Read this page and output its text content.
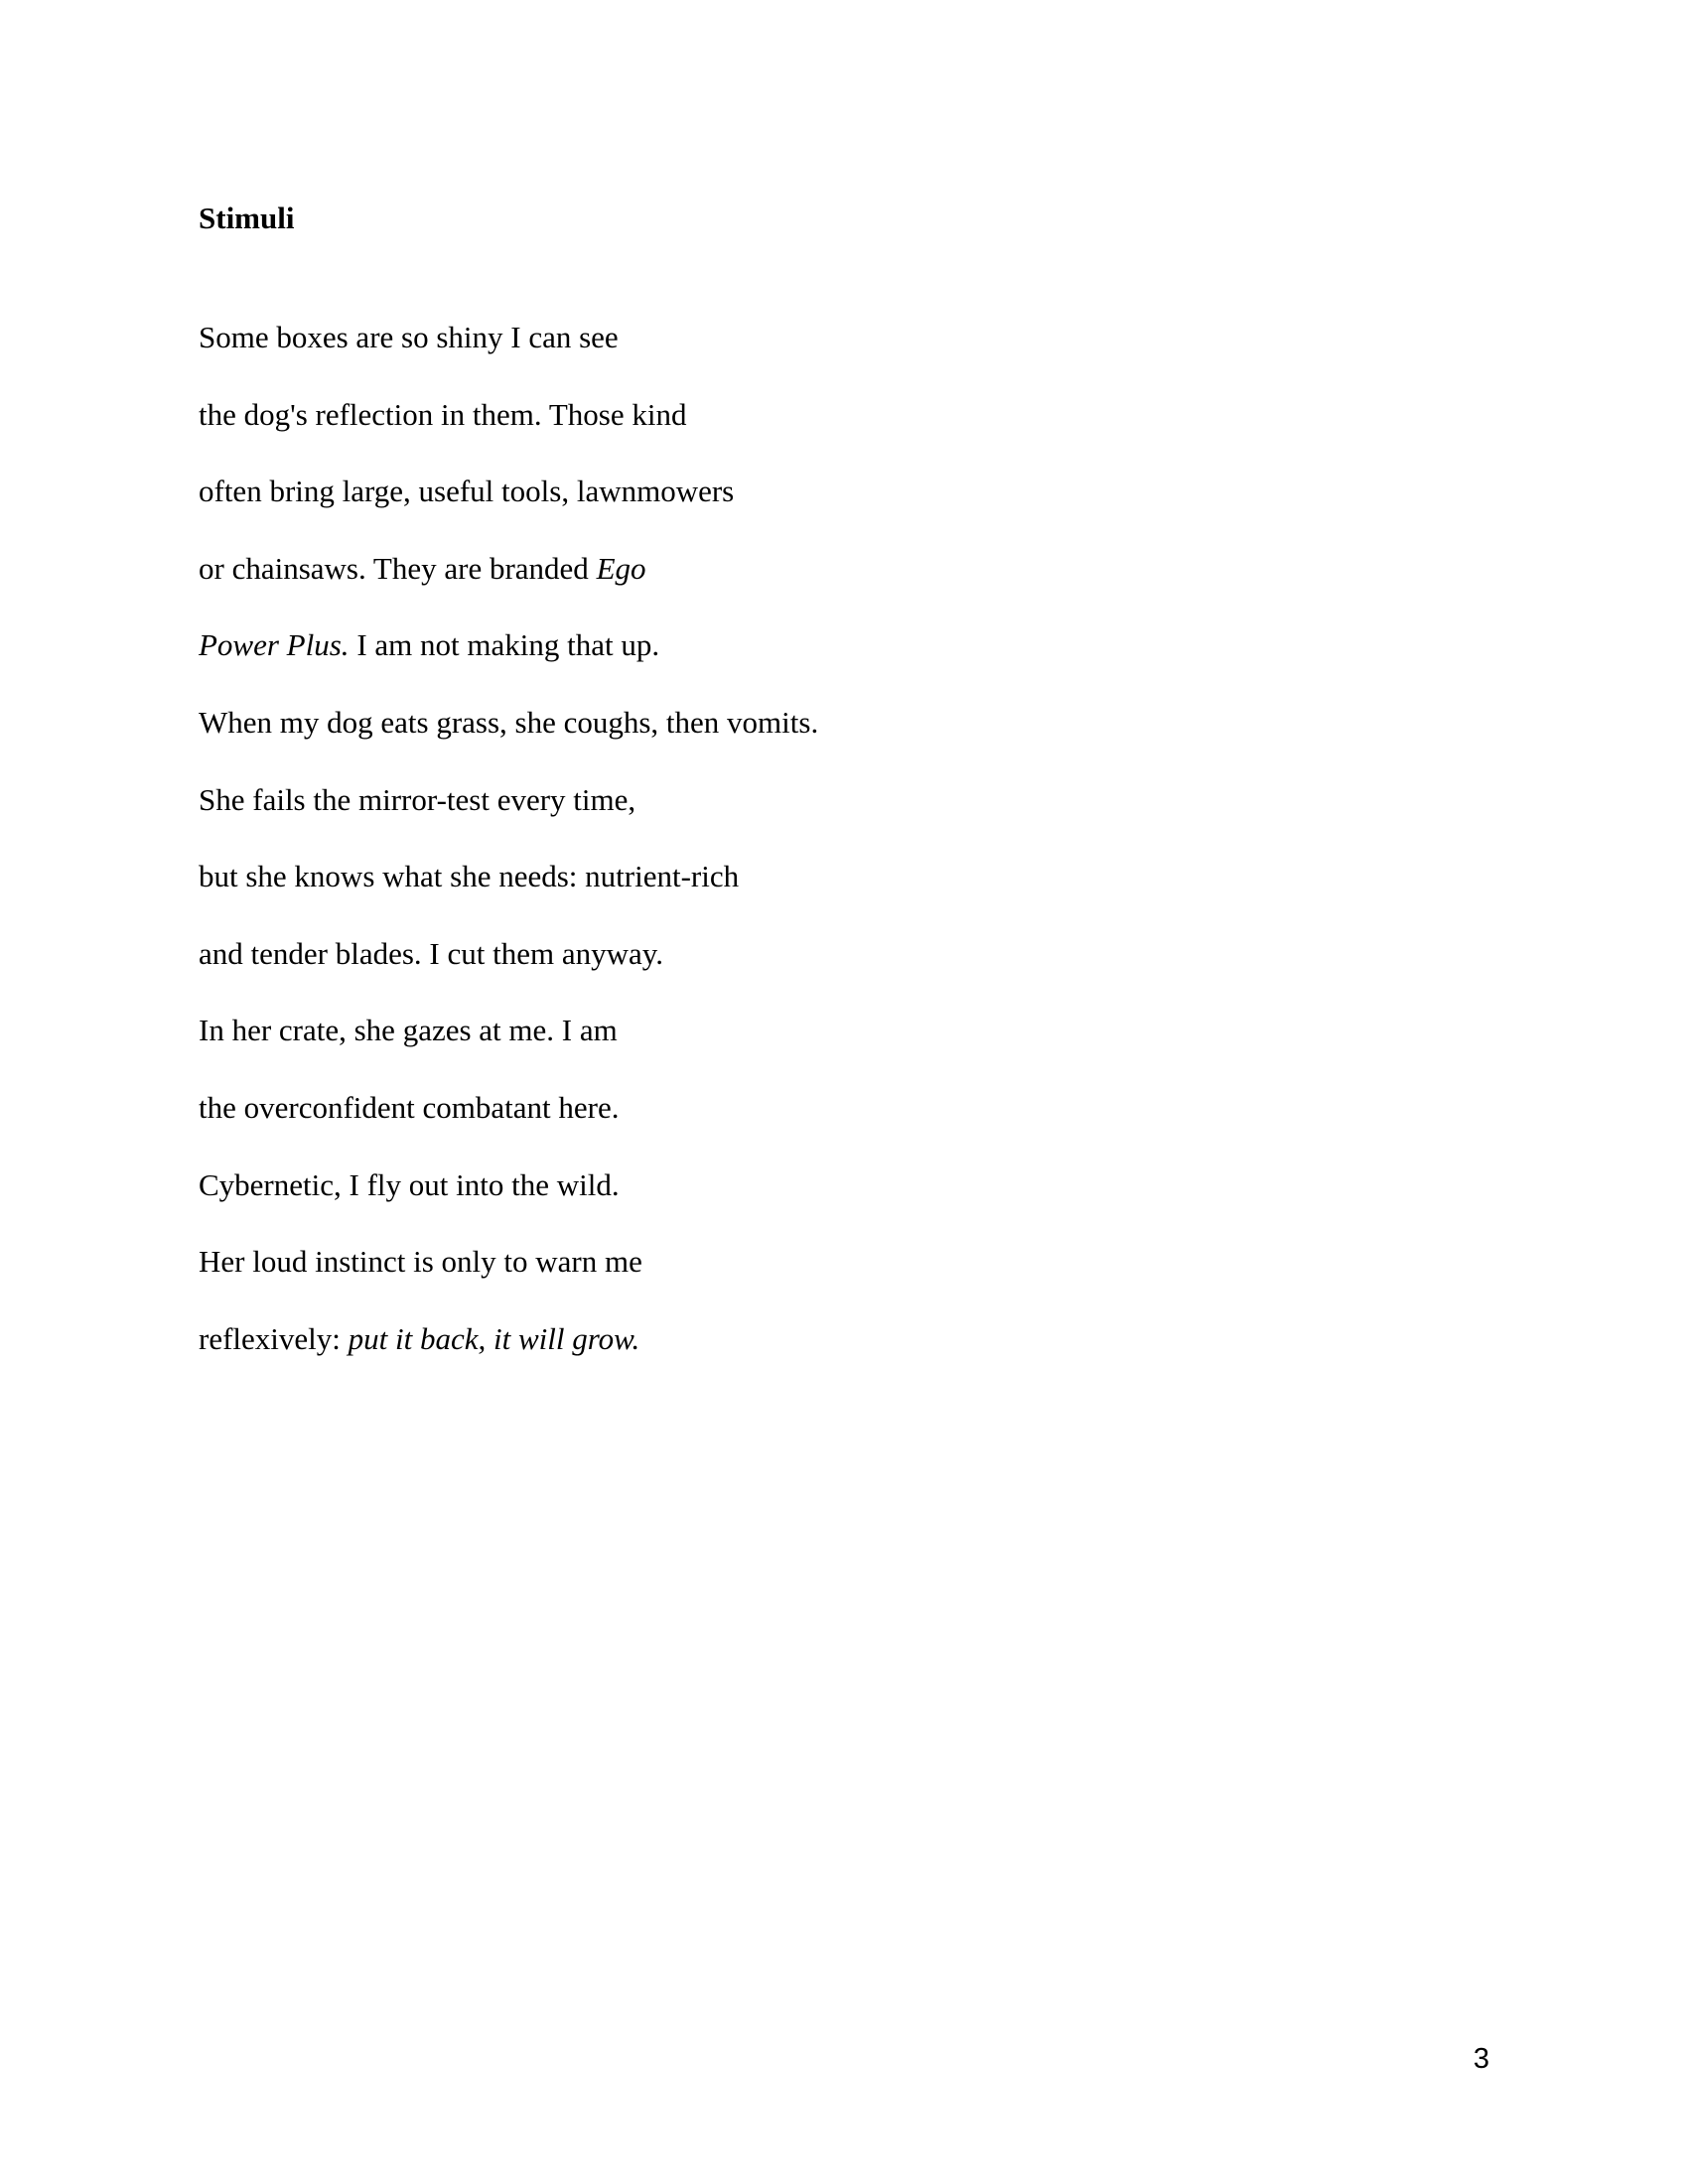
Stimuli
Some boxes are so shiny I can see
the dog's reflection in them. Those kind
often bring large, useful tools, lawnmowers
or chainsaws. They are branded Ego
Power Plus. I am not making that up.
When my dog eats grass, she coughs, then vomits.
She fails the mirror-test every time,
but she knows what she needs: nutrient-rich
and tender blades. I cut them anyway.
In her crate, she gazes at me. I am
the overconfident combatant here.
Cybernetic, I fly out into the wild.
Her loud instinct is only to warn me
reflexively: put it back, it will grow.
3
